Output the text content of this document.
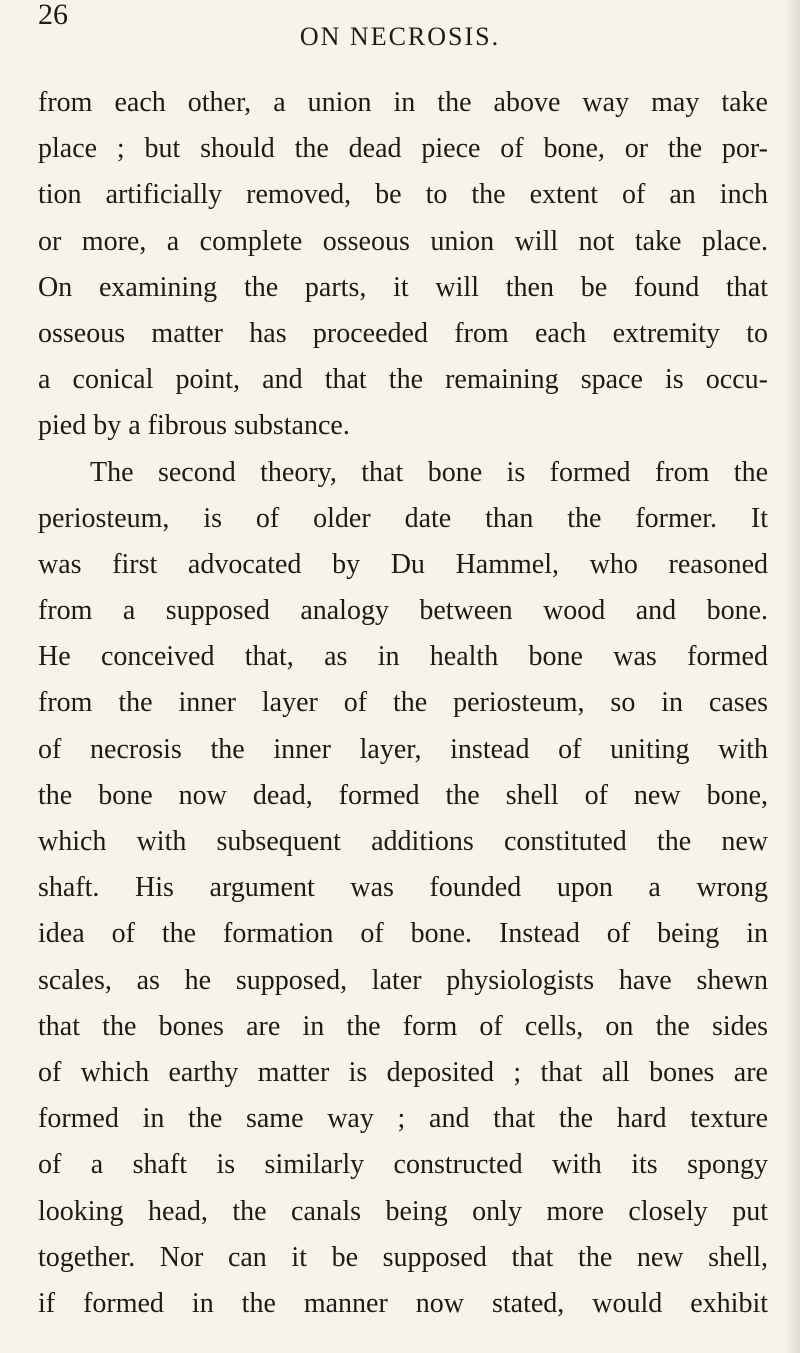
26
ON NECROSIS.
from each other, a union in the above way may take
place ; but should the dead piece of bone, or the por-
tion artificially removed, be to the extent of an inch
or more, a complete osseous union will not take place.
On examining the parts, it will then be found that
osseous matter has proceeded from each extremity to
a conical point, and that the remaining space is occu-
pied by a fibrous substance.
The second theory, that bone is formed from the
periosteum, is of older date than the former. It
was first advocated by Du Hammel, who reasoned
from a supposed analogy between wood and bone.
He conceived that, as in health bone was formed
from the inner layer of the periosteum, so in cases
of necrosis the inner layer, instead of uniting with
the bone now dead, formed the shell of new bone,
which with subsequent additions constituted the new
shaft. His argument was founded upon a wrong
idea of the formation of bone. Instead of being in
scales, as he supposed, later physiologists have shewn
that the bones are in the form of cells, on the sides
of which earthy matter is deposited ; that all bones are
formed in the same way ; and that the hard texture
of a shaft is similarly constructed with its spongy
looking head, the canals being only more closely put
together. Nor can it be supposed that the new shell,
if formed in the manner now stated, would exhibit
